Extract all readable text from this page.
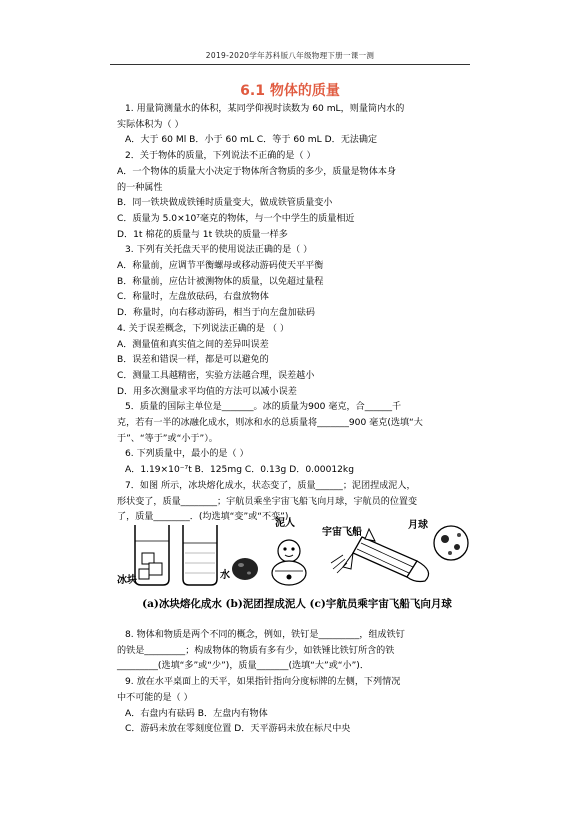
2019-2020学年苏科版八年级物理下册一课一测
6.1 物体的质量
1. 用量筒测量水的体积，某同学仰视时读数为 60 mL，则量筒内水的
实际体积为（ ）
A．大于 60 Ml B．小于 60 mL C．等于 60 mL D．无法确定
2．关于物体的质量，下列说法不正确的是（ ）
A．一个物体的质量大小决定于物体所含物质的多少，质量是物体本身
的一种属性
B．同一铁块做成铁锤时质量变大，做成铁管质量变小
C．质量为 5.0×10⁷毫克的物体，与一个中学生的质量相近
D．1t 棉花的质量与 1t 铁块的质量一样多
3. 下列有关托盘天平的使用说法正确的是（ ）
A．称量前，应调节平衡螺母或移动游码使天平平衡
B．称量前，应估计被测物体的质量，以免超过量程
C．称量时，左盘放砝码，右盘放物体
D．称量时，向右移动游码，相当于向左盘加砝码
4. 关于误差概念，下列说法正确的是 （ ）
A．测量值和真实值之间的差异叫误差
B．误差和错误一样，都是可以避免的
C．测量工具越精密，实验方法越合理，误差越小
D．用多次测量求平均值的方法可以减小误差
5．质量的国际主单位是_______。冰的质量为900 毫克，合______千
克，若有一半的冰融化成水，则冰和水的总质量将_______900 毫克(选填“大
于”、“等于”或“小于”）。
6. 下列质量中，最小的是（ ）
A．1.19×10⁻⁷t B．125mg C．0.13g D．0.00012kg
7．如图 所示，冰块熔化成水，状态变了，质量______；泥团捏成泥人，
形状变了，质量________；宇航员乘坐宇宙飞船飞向月球，宇航员的位置变
了，质量________．(均选填“变”或“不变”)
冰块	水
泥人
宇宙飞船
月球
(a)冰块熔化成水 (b)泥团捏成泥人 (c)宇航员乘宇宙飞船飞向月球
8. 物体和物质是两个不同的概念，例如，铁钉是_________，组成铁钉
的铁是_________；构成物体的物质有多有少，如铁锤比铁钉所含的铁
_________(选填“多”或“少”)，质量_______(选填“大”或“小”)．
9. 放在水平桌面上的天平，如果指针指向分度标牌的左侧，下列情况
中不可能的是（ ）
A．右盘内有砝码 B．左盘内有物体
C．游码未放在零刻度位置 D．天平游码未放在标尺中央
